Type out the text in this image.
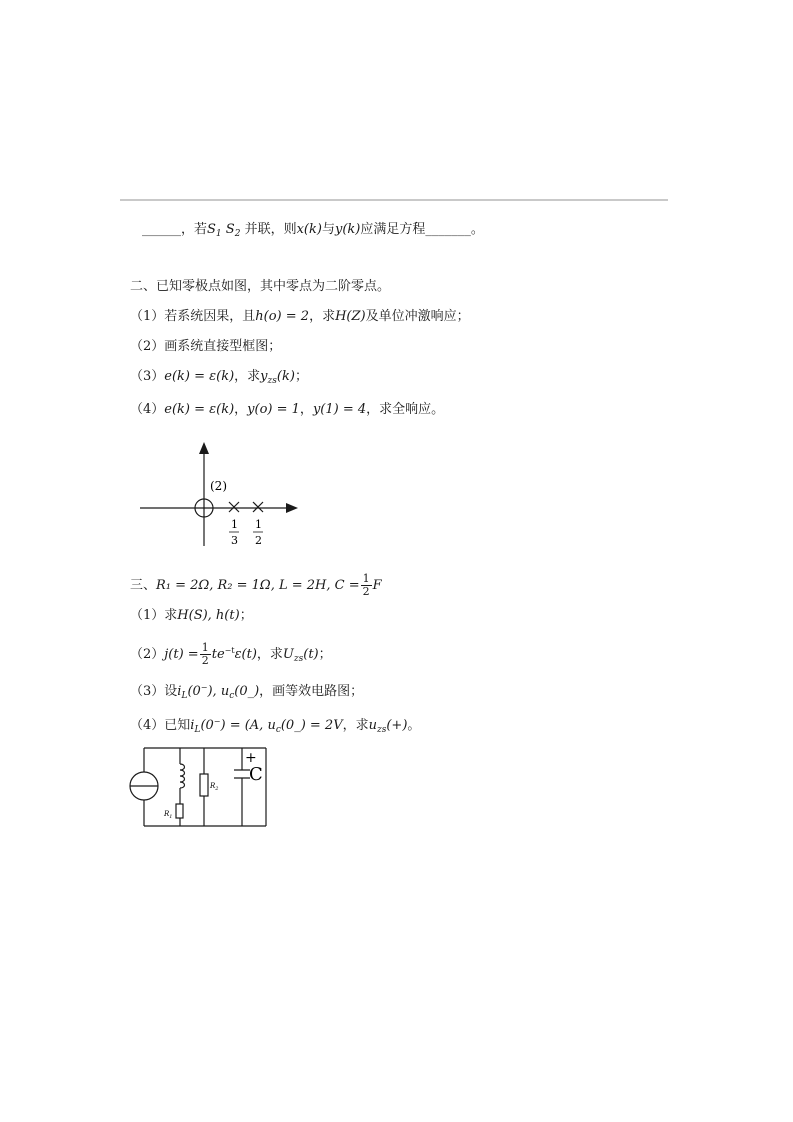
______，若$S_1$ $S_2$ 并联，则x(k)与y(k)应满足方程_______。
二、已知零极点如图，其中零点为二阶零点。
（1）若系统因果，且h(o) = 2，求H(Z)及单位冲激响应；
（2）画系统直接型框图；
（3）e(k) = ε(k)，求$y_{zs}(k)$；
（4）e(k) = ε(k)，y(o) = 1，y(1) = 4，求全响应。
(2)
1
3
1
2
三、R₁ = 2Ω, R₂ = 1Ω, L = 2H, $C = \frac{1}{2}$ F
（1）求H(S), h(t)；
$(2)j(t) = \frac{1}{2} te^{-t}\varepsilon(t)$，求$U_{zs}(t)$；
（3）设$i_L(0^-)$, $u_c(0\_)$，画等效电路图；
（4）已知$i_L(0^-) = (A$, $u_c(0\_) = 2V$，求$u_{zs}(+)$。
+
C
$R_1$
$R_2$
